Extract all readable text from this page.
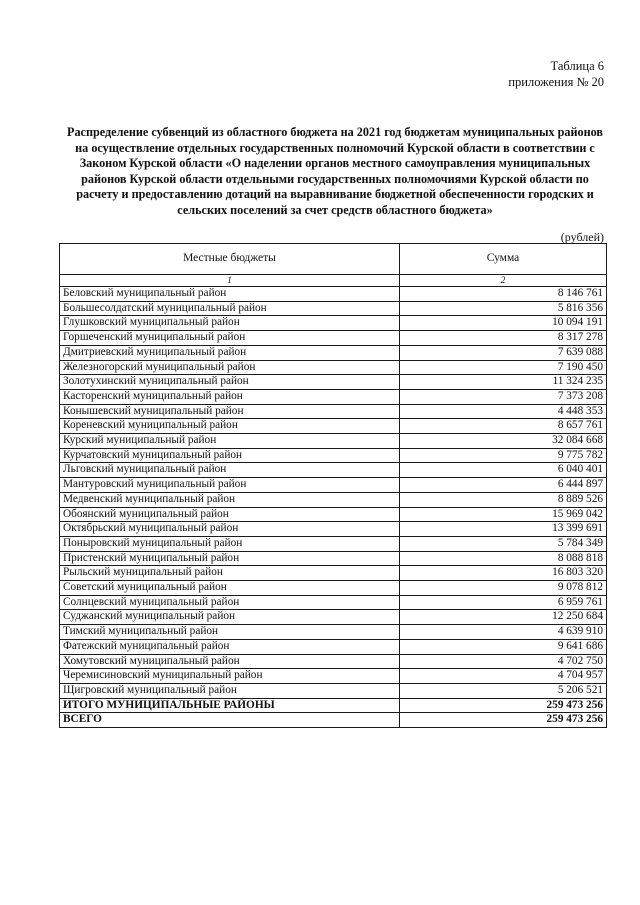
Таблица 6
приложения № 20
Распределение субвенций из областного бюджета на 2021 год бюджетам муниципальных районов на осуществление отдельных государственных полномочий Курской области в соответствии с Законом Курской области «О наделении органов местного самоуправления муниципальных районов Курской области отдельными государственных полномочиями Курской области по расчету и предоставлению дотаций на выравнивание бюджетной обеспеченности городских и сельских поселений за счет средств областного бюджета»
(рублей)
Местные бюджеты	Сумма
1	2
Беловский муниципальный район	8 146 761
Большесолдатский муниципальный район	5 816 356
Глушковский муниципальный район	10 094 191
Горшеченский муниципальный район	8 317 278
Дмитриевский муниципальный район	7 639 088
Железногорский муниципальный район	7 190 450
Золотухинский муниципальный район	11 324 235
Касторенский муниципальный район	7 373 208
Конышевский муниципальный район	4 448 353
Кореневский муниципальный район	8 657 761
Курский муниципальный район	32 084 668
Курчатовский муниципальный район	9 775 782
Льговский муниципальный район	6 040 401
Мантуровский муниципальный район	6 444 897
Медвенский муниципальный район	8 889 526
Обоянский муниципальный район	15 969 042
Октябрьский муниципальный район	13 399 691
Поныровский муниципальный район	5 784 349
Пристенский муниципальный район	8 088 818
Рыльский муниципальный район	16 803 320
Советский муниципальный район	9 078 812
Солнцевский муниципальный район	6 959 761
Суджанский муниципальный район	12 250 684
Тимский муниципальный район	4 639 910
Фатежский муниципальный район	9 641 686
Хомутовский муниципальный район	4 702 750
Черемисиновский муниципальный район	4 704 957
Щигровский муниципальный район	5 206 521
ИТОГО МУНИЦИПАЛЬНЫЕ РАЙОНЫ	259 473 256
ВСЕГО	259 473 256
